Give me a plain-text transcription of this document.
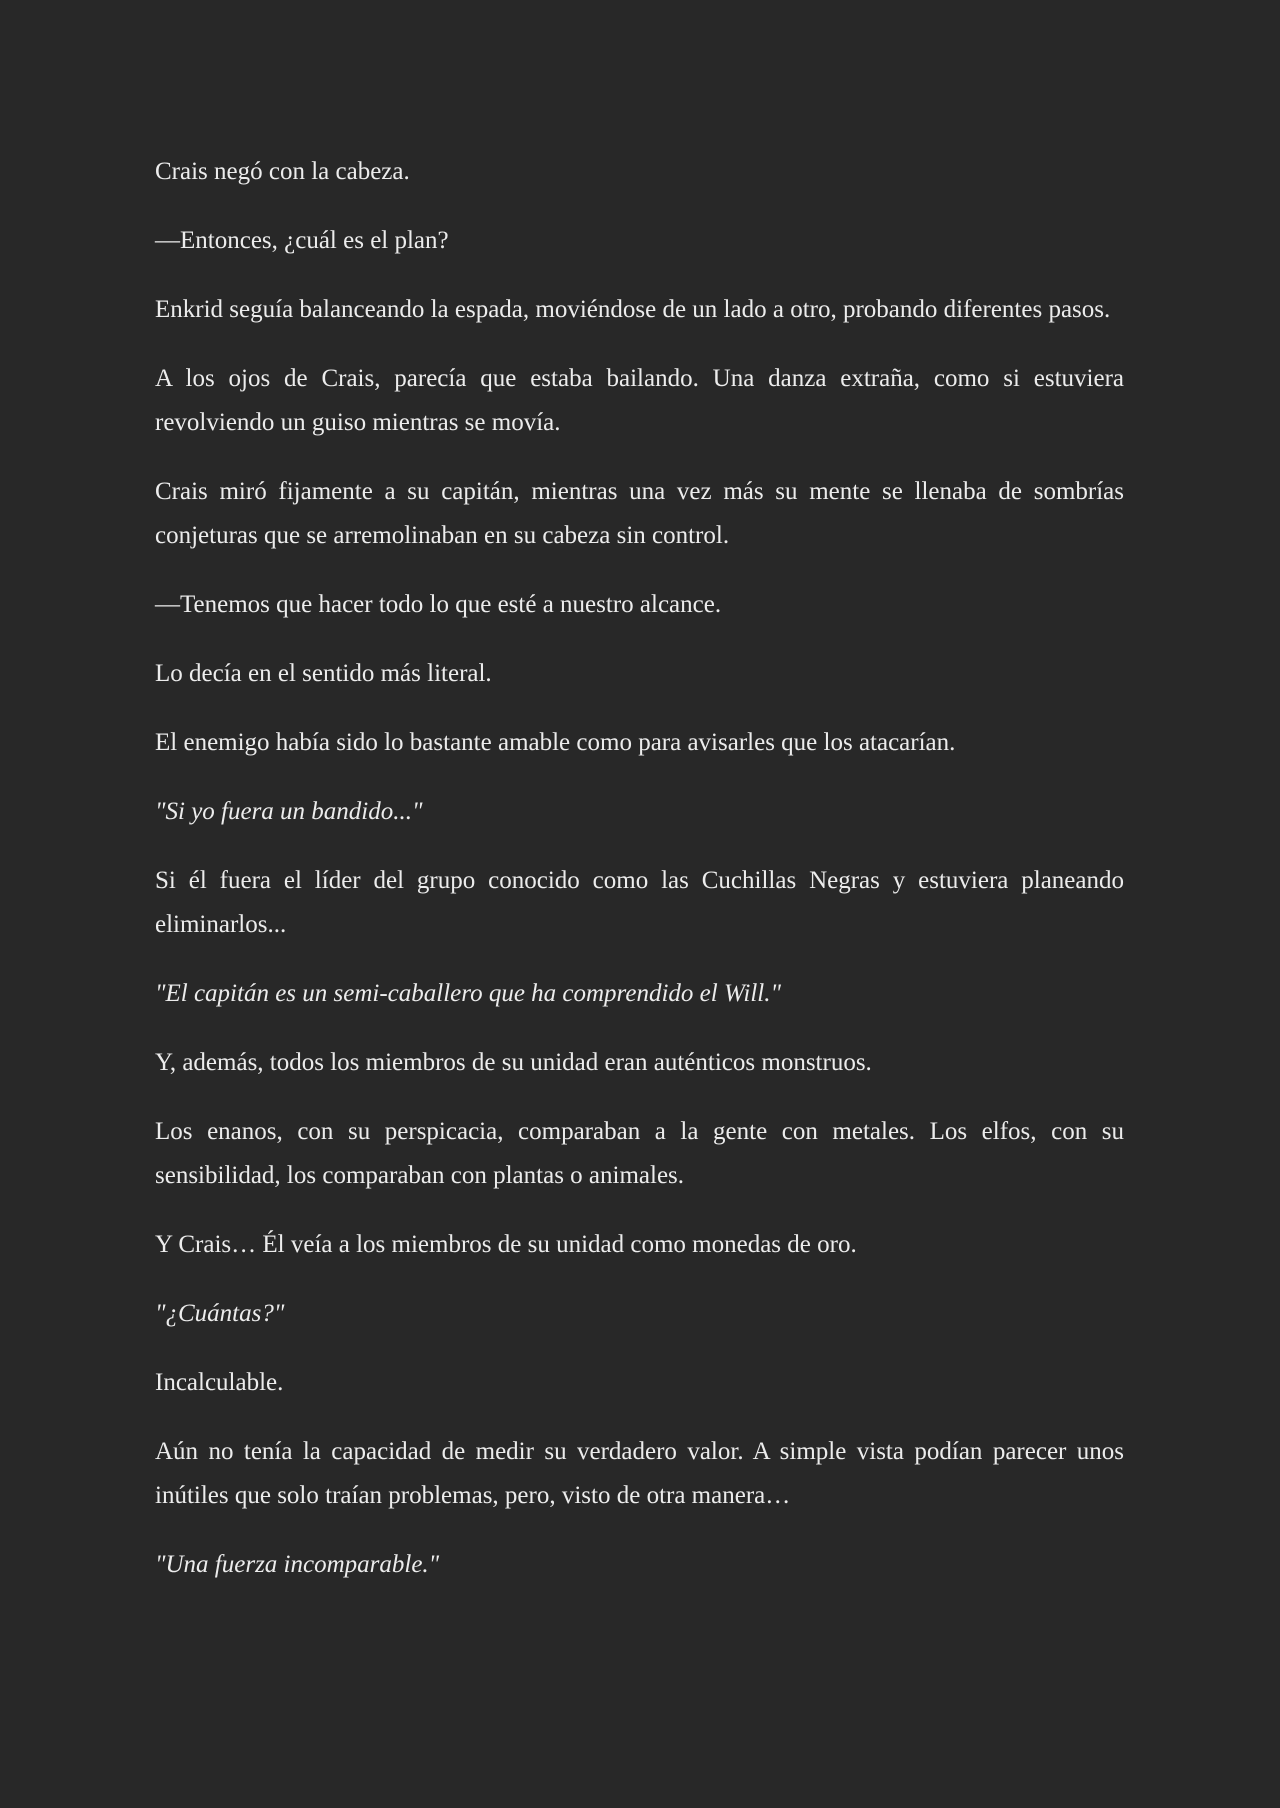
Crais negó con la cabeza.

—Entonces, ¿cuál es el plan?

Enkrid seguía balanceando la espada, moviéndose de un lado a otro, probando diferentes pasos.

A los ojos de Crais, parecía que estaba bailando. Una danza extraña, como si estuviera revolviendo un guiso mientras se movía.

Crais miró fijamente a su capitán, mientras una vez más su mente se llenaba de sombrías conjeturas que se arremolinaban en su cabeza sin control.

—Tenemos que hacer todo lo que esté a nuestro alcance.

Lo decía en el sentido más literal.

El enemigo había sido lo bastante amable como para avisarles que los atacarían.

"Si yo fuera un bandido..."

Si él fuera el líder del grupo conocido como las Cuchillas Negras y estuviera planeando eliminarlos...

"El capitán es un semi-caballero que ha comprendido el Will."

Y, además, todos los miembros de su unidad eran auténticos monstruos.

Los enanos, con su perspicacia, comparaban a la gente con metales. Los elfos, con su sensibilidad, los comparaban con plantas o animales.

Y Crais… Él veía a los miembros de su unidad como monedas de oro.

"¿Cuántas?"

Incalculable.

Aún no tenía la capacidad de medir su verdadero valor. A simple vista podían parecer unos inútiles que solo traían problemas, pero, visto de otra manera…

"Una fuerza incomparable."
